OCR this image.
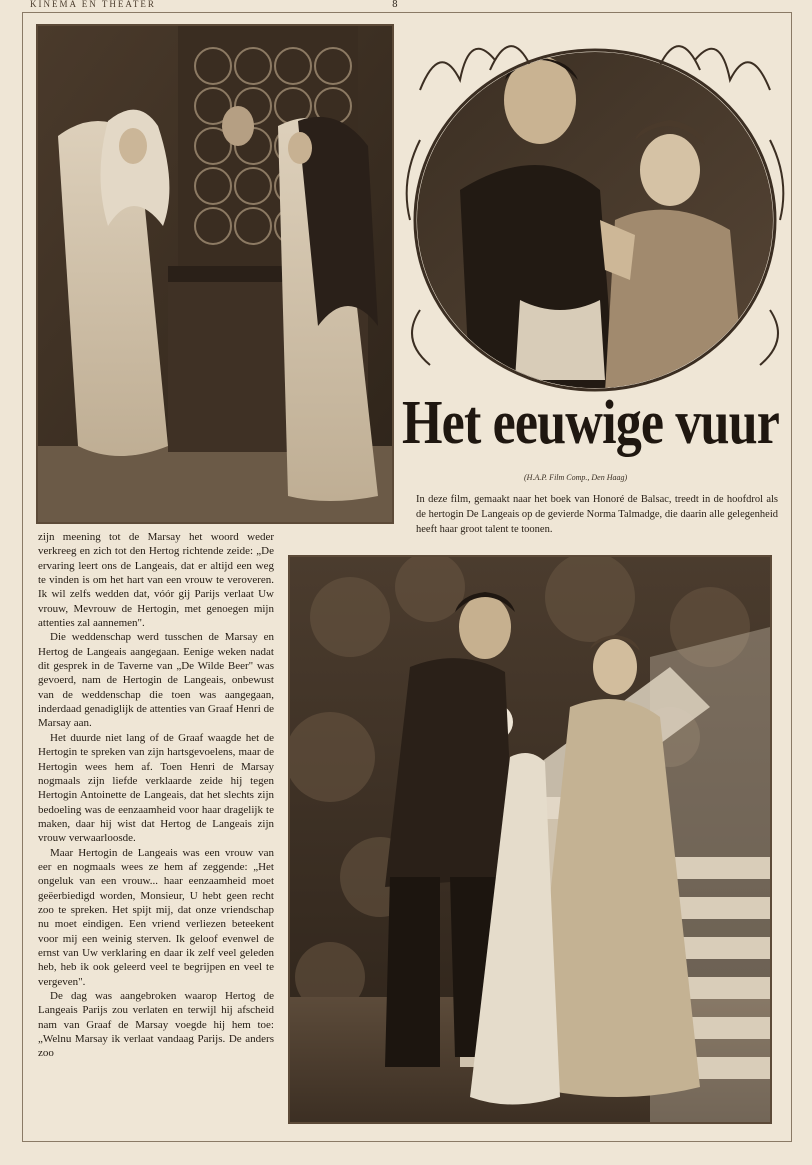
KINEMA EN THEATER	8
Het eeuwige vuur
(H.A.P. Film Comp., Den Haag)
In deze film, gemaakt naar het boek van Honoré de Balsac, treedt in de hoofdrol als de hertogin De Langeais op de gevierde Norma Talmadge, die daarin alle gelegenheid heeft haar groot talent te toonen.

zijn meening tot de Marsay het woord weder verkreeg en zich tot den Hertog richtende zeide: „De ervaring leert ons de Langeais, dat er altijd een weg te vinden is om het hart van een vrouw te veroveren. Ik wil zelfs wedden dat, vóór gij Parijs verlaat Uw vrouw, Mevrouw de Hertogin, met genoegen mijn attenties zal aannemen".

Die weddenschap werd tusschen de Marsay en Hertog de Langeais aangegaan. Eenige weken nadat dit gesprek in de Taverne van „De Wilde Beer" was gevoerd, nam de Hertogin de Langeais, onbewust van de weddenschap die toen was aangegaan, inderdaad genadiglijk de attenties van Graaf Henri de Marsay aan.

Het duurde niet lang of de Graaf waagde het de Hertogin te spreken van zijn hartsgevoelens, maar de Hertogin wees hem af. Toen Henri de Marsay nogmaals zijn liefde verklaarde zeide hij tegen Hertogin Antoinette de Langeais, dat het slechts zijn bedoeling was de eenzaamheid voor haar dragelijk te maken, daar hij wist dat Hertog de Langeais zijn vrouw verwaarloosde.

Maar Hertogin de Langeais was een vrouw van eer en nogmaals wees ze hem af zeggende: „Het ongeluk van een vrouw... haar eenzaamheid moet geëerbiedigd worden, Monsieur, U hebt geen recht zoo te spreken. Het spijt mij, dat onze vriendschap nu moet eindigen. Een vriend verliezen beteekent voor mij een weinig sterven. Ik geloof evenwel de ernst van Uw verklaring en daar ik zelf veel geleden heb, heb ik ook geleerd veel te begrijpen en veel te vergeven".

De dag was aangebroken waarop Hertog de Langeais Parijs zou verlaten en terwijl hij afscheid nam van Graaf de Marsay voegde hij hem toe: „Welnu Marsay ik verlaat vandaag Parijs. De anders zoo
